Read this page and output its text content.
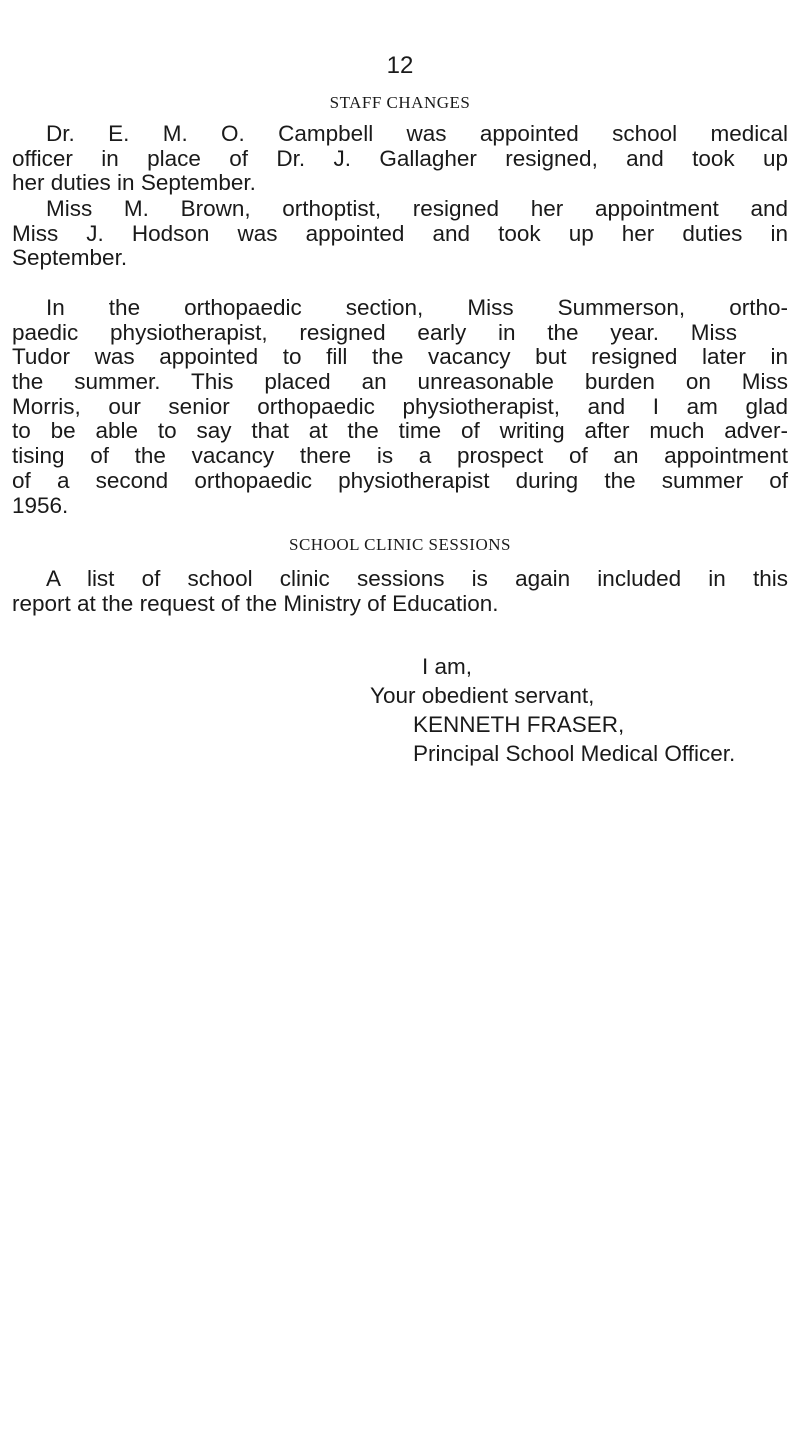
12
STAFF CHANGES
Dr. E. M. O. Campbell was appointed school medical
officer in place of Dr. J. Gallagher resigned, and took up
her duties in September.
Miss M. Brown, orthoptist, resigned her appointment and
Miss J. Hodson was appointed and took up her duties in
September.
In the orthopaedic section, Miss Summerson, ortho-
paedic physiotherapist, resigned early in the year. Miss
Tudor was appointed to fill the vacancy but resigned later in
the summer. This placed an unreasonable burden on Miss
Morris, our senior orthopaedic physiotherapist, and I am glad
to be able to say that at the time of writing after much adver-
tising of the vacancy there is a prospect of an appointment
of a second orthopaedic physiotherapist during the summer of
1956.
SCHOOL CLINIC SESSIONS
A list of school clinic sessions is again included in this
report at the request of the Ministry of Education.
I am,
Your obedient servant,
KENNETH FRASER,
Principal School Medical Officer.
